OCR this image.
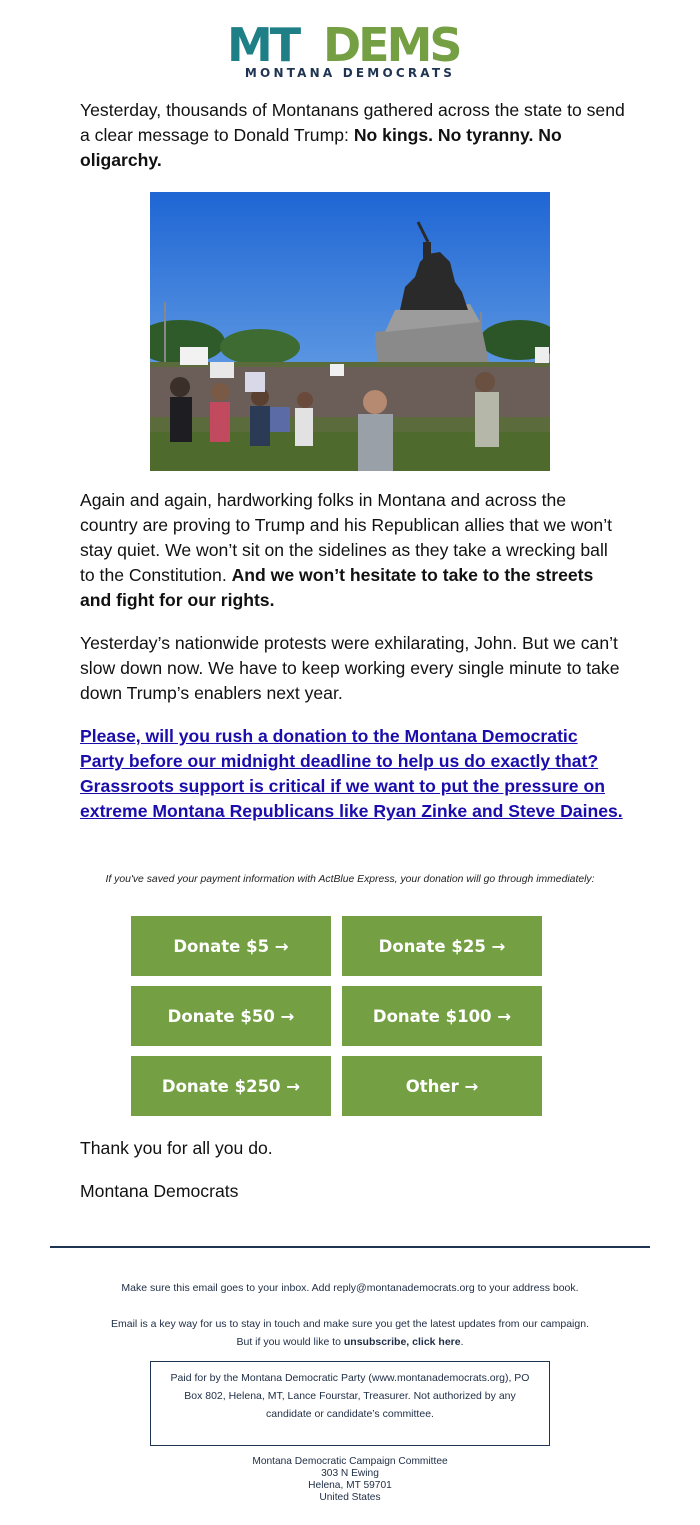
MT DEMS
MONTANA DEMOCRATS

Yesterday, thousands of Montanans gathered across the state to send a clear message to Donald Trump: No kings. No tyranny. No oligarchy.

Again and again, hardworking folks in Montana and across the country are proving to Trump and his Republican allies that we won’t stay quiet. We won’t sit on the sidelines as they take a wrecking ball to the Constitution. And we won’t hesitate to take to the streets and fight for our rights.

Yesterday’s nationwide protests were exhilarating, John. But we can’t slow down now. We have to keep working every single minute to take down Trump’s enablers next year.

Please, will you rush a donation to the Montana Democratic Party before our midnight deadline to help us do exactly that? Grassroots support is critical if we want to put the pressure on extreme Montana Republicans like Ryan Zinke and Steve Daines.

If you've saved your payment information with ActBlue Express, your donation will go through immediately:
Donate $5 →	Donate $25 →
Donate $50 →	Donate $100 →
Donate $250 →	Other →

Thank you for all you do.

Montana Democrats

Make sure this email goes to your inbox. Add reply@montanademocrats.org to your address book.

Email is a key way for us to stay in touch and make sure you get the latest updates from our campaign.

But if you would like to unsubscribe, click here.

Paid for by the Montana Democratic Party (www.montanademocrats.org), PO Box 802, Helena, MT, Lance Fourstar, Treasurer. Not authorized by any candidate or candidate’s committee.
Montana Democratic Campaign Committee
303 N Ewing
Helena, MT 59701
United States
